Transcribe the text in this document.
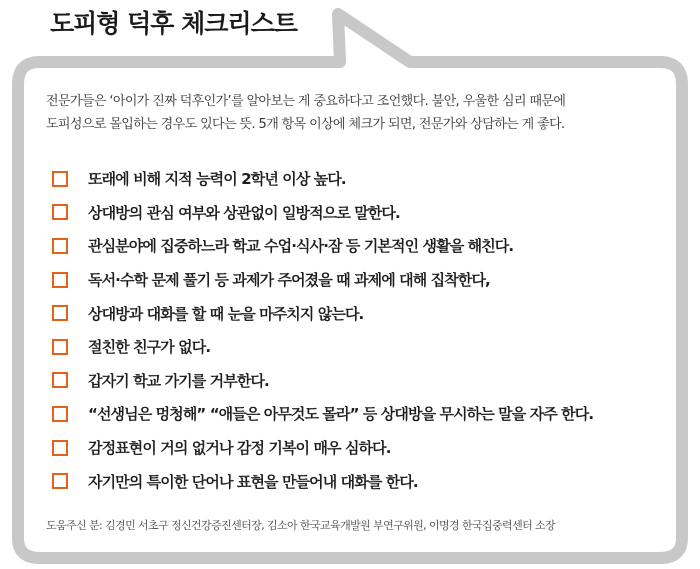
도피형 덕후 체크리스트

전문가들은 ‘아이가 진짜 덕후인가’를 알아보는 게 중요하다고 조언했다. 불안, 우울한 심리 때문에

도피성으로 몰입하는 경우도 있다는 뜻. 5개 항목 이상에 체크가 되면, 전문가와 상담하는 게 좋다.

또래에 비해 지적 능력이 2학년 이상 높다.
상대방의 관심 여부와 상관없이 일방적으로 말한다.
관심분야에 집중하느라 학교 수업·식사·잠 등 기본적인 생활을 해친다.
독서·수학 문제 풀기 등 과제가 주어졌을 때 과제에 대해 집착한다,
상대방과 대화를 할 때 눈을 마주치지 않는다.
절친한 친구가 없다.
갑자기 학교 가기를 거부한다.
“선생님은 멍청해” “애들은 아무것도 몰라” 등 상대방을 무시하는 말을 자주 한다.
감정표현이 거의 없거나 감정 기복이 매우 심하다.
자기만의 특이한 단어나 표현을 만들어내 대화를 한다.
도움주신 분: 김경민 서초구 정신건강증진센터장, 김소아 한국교육개발원 부연구위원, 이명경 한국집중력센터 소장
